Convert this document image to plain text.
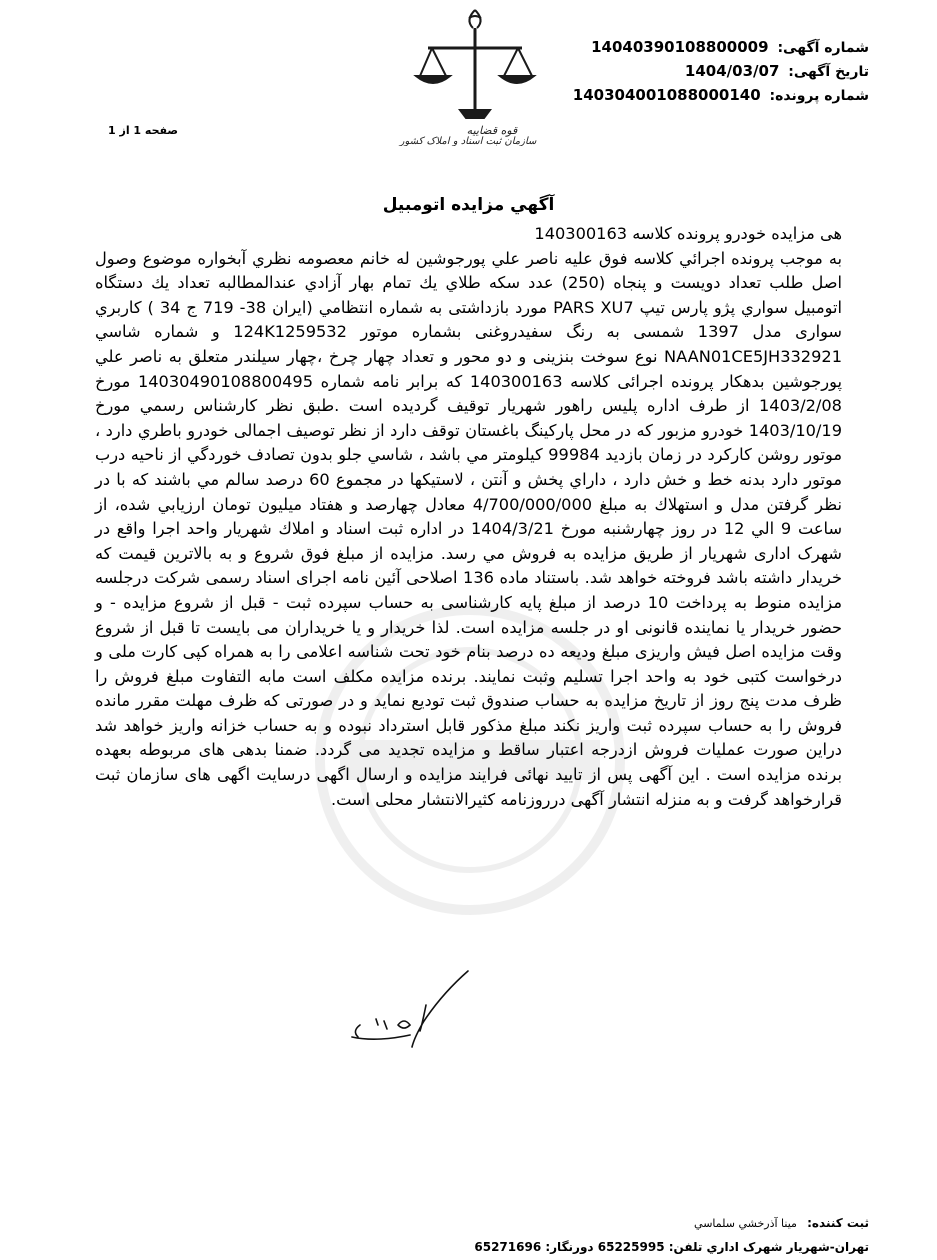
شماره آگهی: 14040390108800009
تاریخ آگهی: 1404/03/07
شماره پرونده: 140304001088000140
صفحه 1 از 1	قوه قضاییه
سازمان ثبت اسناد و املاک کشور
آگهي مزايده اتومبيل

هی مزایده خودرو پرونده کلاسه 140300163

به موجب پرونده اجرائي كلاسه فوق عليه ناصر علي پورجوشين له خانم معصومه نظري آبخواره موضوع وصول اصل طلب تعداد دويست و پنجاه (250) عدد سكه طلاي يك تمام بهار آزادي عندالمطالبه تعداد يك دستگاه اتومبيل سواري پژو پارس تيپ PARS XU7 مورد بازداشتی به شماره انتظامي (ايران 38- 719 ج 34 ) كاربري سواری مدل 1397 شمسی به رنگ سفيدروغنی بشماره موتور 124K1259532 و شماره شاسي NAAN01CE5JH332921 نوع سوخت بنزينی و دو محور و تعداد چهار چرخ ،چهار سيلندر متعلق به ناصر علي پورجوشين بدهكار پرونده اجرائی كلاسه 140300163 كه برابر نامه شماره 14030490108800495 مورخ 1403/2/08 از طرف اداره پليس راهور شهريار توقيف گرديده است .طبق نظر كارشناس رسمي مورخ 1403/10/19 خودرو مزبور كه در محل پاركينگ باغستان توقف دارد از نظر توصيف اجمالی خودرو باطري دارد ، موتور روشن كاركرد در زمان بازديد 99984 كيلومتر مي باشد ، شاسي جلو بدون تصادف خوردگي از ناحيه درب موتور دارد بدنه خط و خش دارد ، داراي پخش و آنتن ، لاستيكها در مجموع 60 درصد سالم مي باشند كه با در نظر گرفتن مدل و استهلاك به مبلغ 4/700/000/000 معادل چهارصد و هفتاد ميليون تومان ارزيابي شده، از ساعت 9 الي 12 در روز چهارشنبه مورخ 1404/3/21 در اداره ثبت اسناد و املاك شهريار واحد اجرا واقع در شهرک اداری شهريار از طريق مزايده به فروش مي رسد. مزايده از مبلغ فوق شروع و به بالاترين قيمت كه خريدار داشته باشد فروخته خواهد شد. باستناد ماده 136 اصلاحی آئين نامه اجرای اسناد رسمی شركت درجلسه مزايده منوط به پرداخت 10 درصد از مبلغ پايه كارشناسی به حساب سپرده ثبت - قبل از شروع مزايده - و حضور خريدار يا نماينده قانونی او در جلسه مزايده است. لذا خريدار و يا خريداران می بايست تا قبل از شروع وقت مزايده اصل فيش واريزی مبلغ وديعه ده درصد بنام خود تحت شناسه اعلامی را به همراه كپی كارت ملی و درخواست كتبی خود به واحد اجرا تسليم وثبت نمايند. برنده مزايده مكلف است مابه التفاوت مبلغ فروش را ظرف مدت پنج روز از تاريخ مزايده به حساب صندوق ثبت توديع نمايد و در صورتی كه ظرف مهلت مقرر مانده فروش را به حساب سپرده ثبت واريز نكند مبلغ مذكور قابل استرداد نبوده و به حساب خزانه واريز خواهد شد دراين صورت عمليات فروش ازدرجه اعتبار ساقط و مزايده تجديد می گردد. ضمنا بدهی های مربوطه بعهده برنده مزايده است . اين آگهی پس از تاييد نهائی فرايند مزايده و ارسال اگهی درسايت اگهی های سازمان ثبت قرارخواهد گرفت و به منزله انتشار آگهی درروزنامه كثيرالانتشار محلی است.

ثبت کننده: مینا آذرخشي سلماسي
تهران-شهریار شهرک اداري تلفن: 65225995 دورنگار: 65271696
